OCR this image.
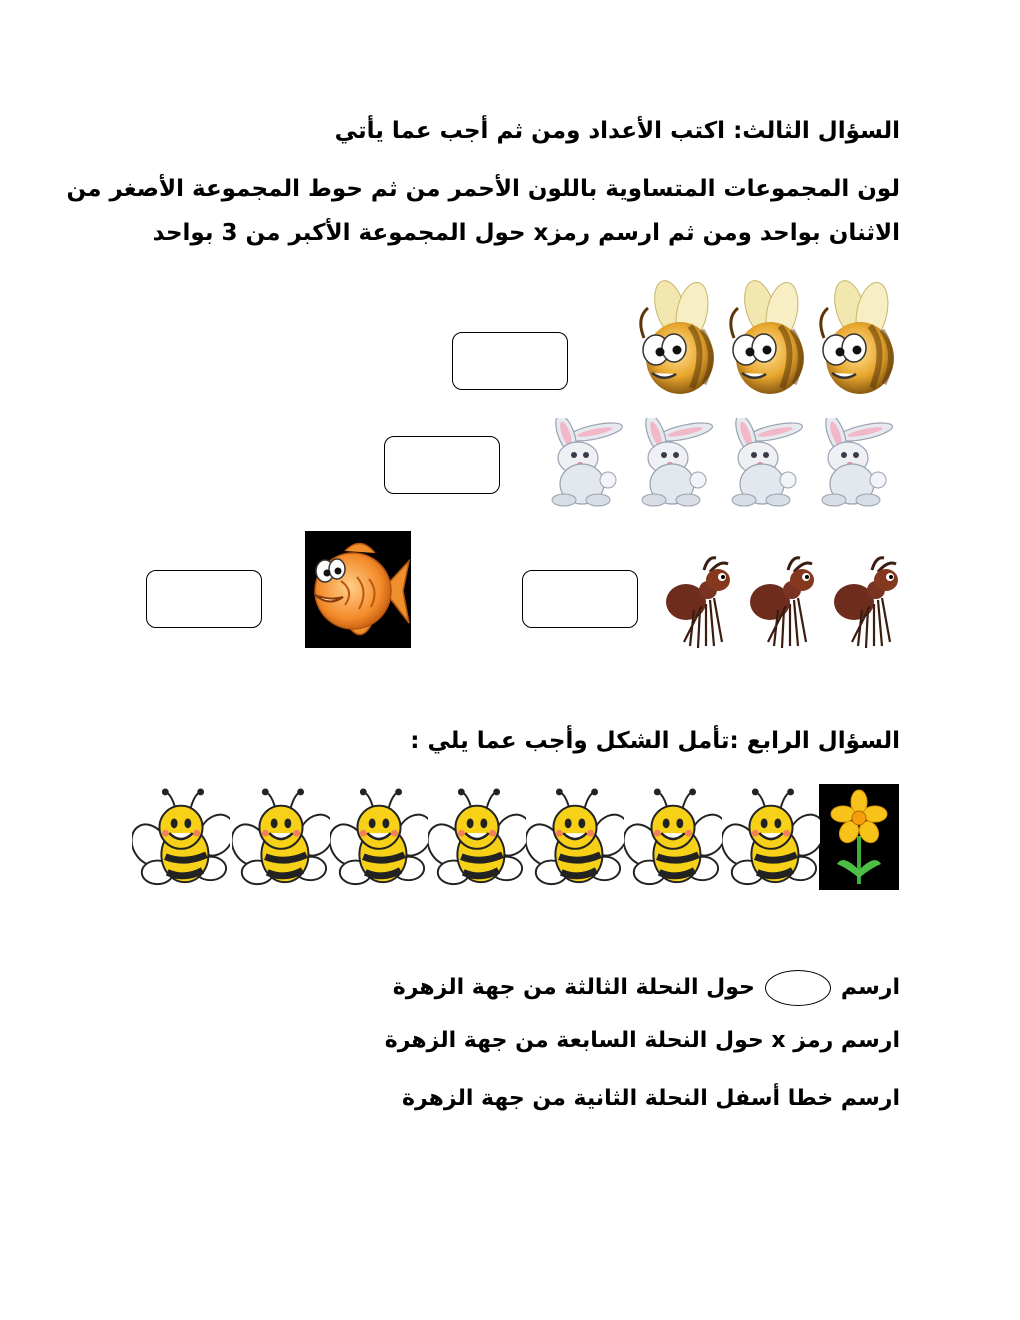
السؤال الثالث: اكتب الأعداد ومن ثم أجب عما يأتي
لون المجموعات المتساوية باللون الأحمر من ثم حوط المجموعة الأصغر من
الاثنان بواحد ومن ثم ارسم رمزx حول المجموعة الأكبر من 3 بواحد
السؤال الرابع :تأمل الشكل وأجب عما يلي :
ارسمحول النحلة الثالثة من جهة الزهرة
ارسم رمز x حول النحلة السابعة من جهة الزهرة
ارسم خطا أسفل النحلة الثانية من جهة الزهرة
